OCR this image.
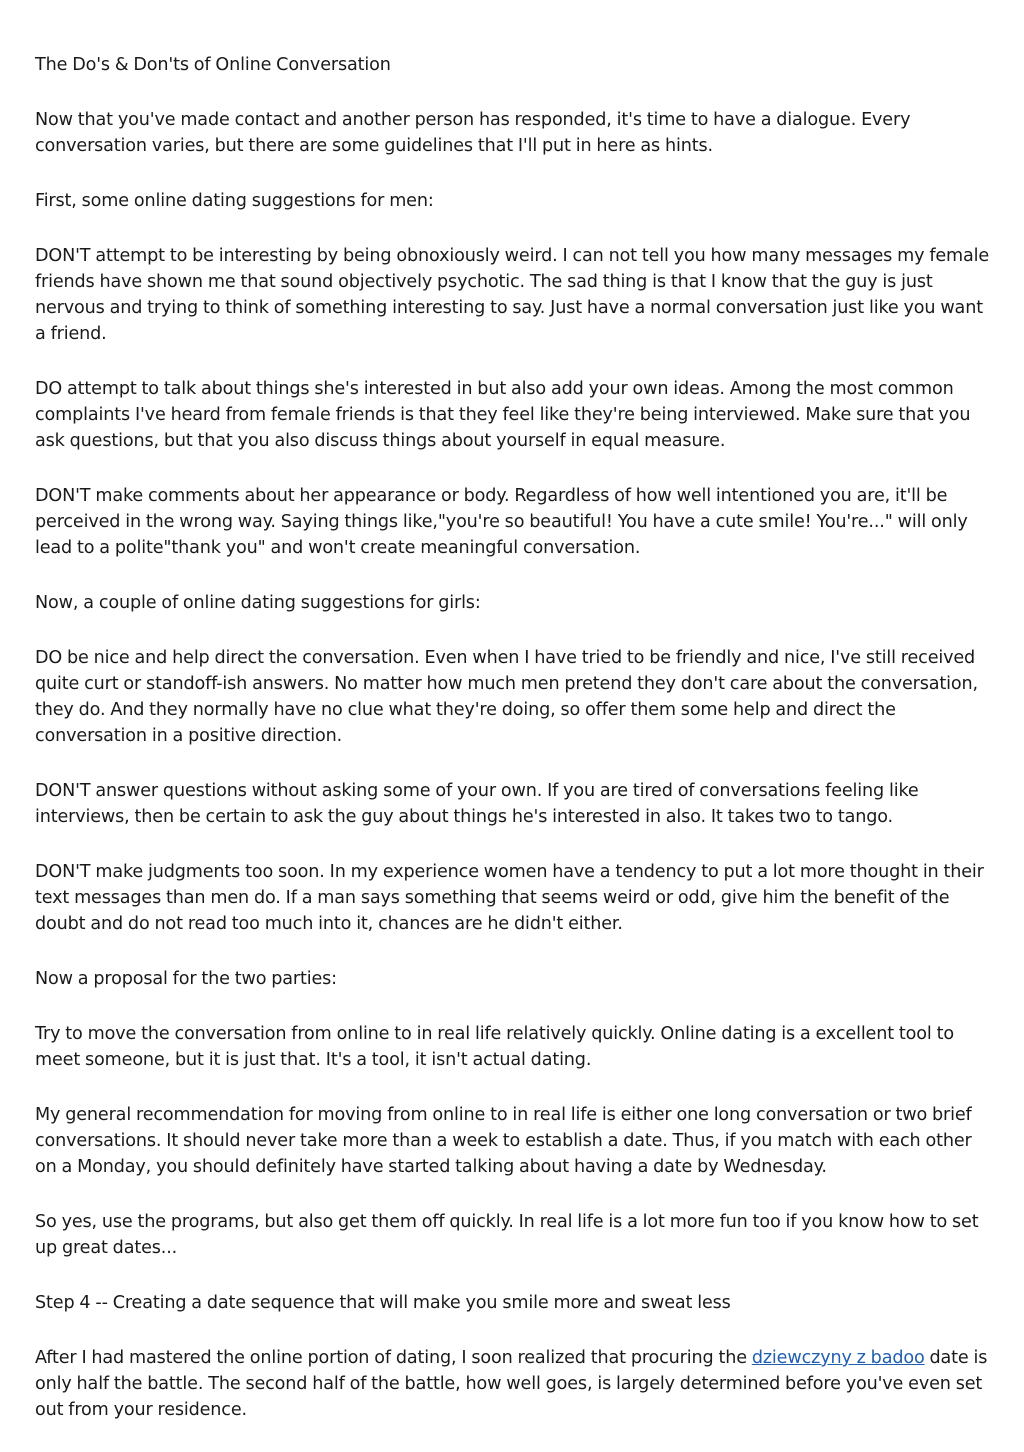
The Do's & Don'ts of Online Conversation

Now that you've made contact and another person has responded, it's time to have a dialogue. Every conversation varies, but there are some guidelines that I'll put in here as hints.

First, some online dating suggestions for men:

DON'T attempt to be interesting by being obnoxiously weird. I can not tell you how many messages my female friends have shown me that sound objectively psychotic. The sad thing is that I know that the guy is just nervous and trying to think of something interesting to say. Just have a normal conversation just like you want a friend.

DO attempt to talk about things she's interested in but also add your own ideas. Among the most common complaints I've heard from female friends is that they feel like they're being interviewed. Make sure that you ask questions, but that you also discuss things about yourself in equal measure.

DON'T make comments about her appearance or body. Regardless of how well intentioned you are, it'll be perceived in the wrong way. Saying things like,"you're so beautiful! You have a cute smile! You're..." will only lead to a polite"thank you" and won't create meaningful conversation.

Now, a couple of online dating suggestions for girls:

DO be nice and help direct the conversation. Even when I have tried to be friendly and nice, I've still received quite curt or standoff-ish answers. No matter how much men pretend they don't care about the conversation, they do. And they normally have no clue what they're doing, so offer them some help and direct the conversation in a positive direction.

DON'T answer questions without asking some of your own. If you are tired of conversations feeling like interviews, then be certain to ask the guy about things he's interested in also. It takes two to tango.

DON'T make judgments too soon. In my experience women have a tendency to put a lot more thought in their text messages than men do. If a man says something that seems weird or odd, give him the benefit of the doubt and do not read too much into it, chances are he didn't either.

Now a proposal for the two parties:

Try to move the conversation from online to in real life relatively quickly. Online dating is a excellent tool to meet someone, but it is just that. It's a tool, it isn't actual dating.

My general recommendation for moving from online to in real life is either one long conversation or two brief conversations. It should never take more than a week to establish a date. Thus, if you match with each other on a Monday, you should definitely have started talking about having a date by Wednesday.

So yes, use the programs, but also get them off quickly. In real life is a lot more fun too if you know how to set up great dates...

Step 4 -- Creating a date sequence that will make you smile more and sweat less

After I had mastered the online portion of dating, I soon realized that procuring the dziewczyny z badoo date is only half the battle. The second half of the battle, how well goes, is largely determined before you've even set out from your residence.
